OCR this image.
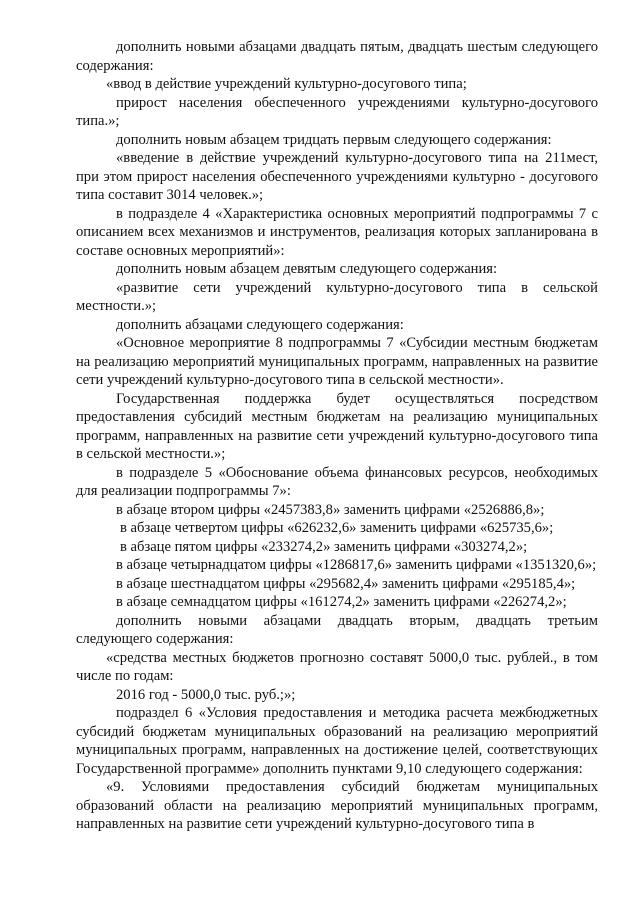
дополнить новыми абзацами двадцать пятым, двадцать шестым следующего содержания:

«ввод в действие учреждений культурно-досугового типа;

прирост населения обеспеченного учреждениями культурно-досугового типа.»;

дополнить новым абзацем тридцать первым следующего содержания:

«введение в действие учреждений культурно-досугового типа на 211мест, при этом прирост населения обеспеченного учреждениями культурно - досугового типа составит 3014 человек.»;

в подразделе 4 «Характеристика основных мероприятий подпрограммы 7 с описанием всех механизмов и инструментов, реализация которых запланирована в составе основных мероприятий»:

дополнить новым абзацем девятым следующего содержания:

«развитие сети учреждений культурно-досугового типа в сельской местности.»;

дополнить абзацами следующего содержания:

«Основное мероприятие 8 подпрограммы 7 «Субсидии местным бюджетам на реализацию мероприятий муниципальных программ, направленных на развитие сети учреждений культурно-досугового типа в сельской местности».

Государственная поддержка будет осуществляться посредством предоставления субсидий местным бюджетам на реализацию муниципальных программ, направленных на развитие сети учреждений культурно-досугового типа в сельской местности.»;

в подразделе 5 «Обоснование объема финансовых ресурсов, необходимых для реализации подпрограммы 7»:

в абзаце втором цифры «2457383,8» заменить цифрами «2526886,8»;

в абзаце четвертом цифры «626232,6» заменить цифрами «625735,6»;

в абзаце пятом цифры «233274,2» заменить цифрами «303274,2»;

в абзаце четырнадцатом цифры «1286817,6» заменить цифрами «1351320,6»;

в абзаце шестнадцатом цифры «295682,4» заменить цифрами «295185,4»;

в абзаце семнадцатом цифры «161274,2» заменить цифрами «226274,2»;

дополнить новыми абзацами двадцать вторым, двадцать третьим следующего содержания:

«средства местных бюджетов прогнозно составят 5000,0 тыс. рублей., в том числе по годам:

2016 год - 5000,0 тыс. руб.;»;

подраздел 6 «Условия предоставления и методика расчета межбюджетных субсидий бюджетам муниципальных образований на реализацию мероприятий муниципальных программ, направленных на достижение целей, соответствующих Государственной программе» дополнить пунктами 9,10 следующего содержания:

«9. Условиями предоставления субсидий бюджетам муниципальных образований области на реализацию мероприятий муниципальных программ, направленных на развитие сети учреждений культурно-досугового типа в
